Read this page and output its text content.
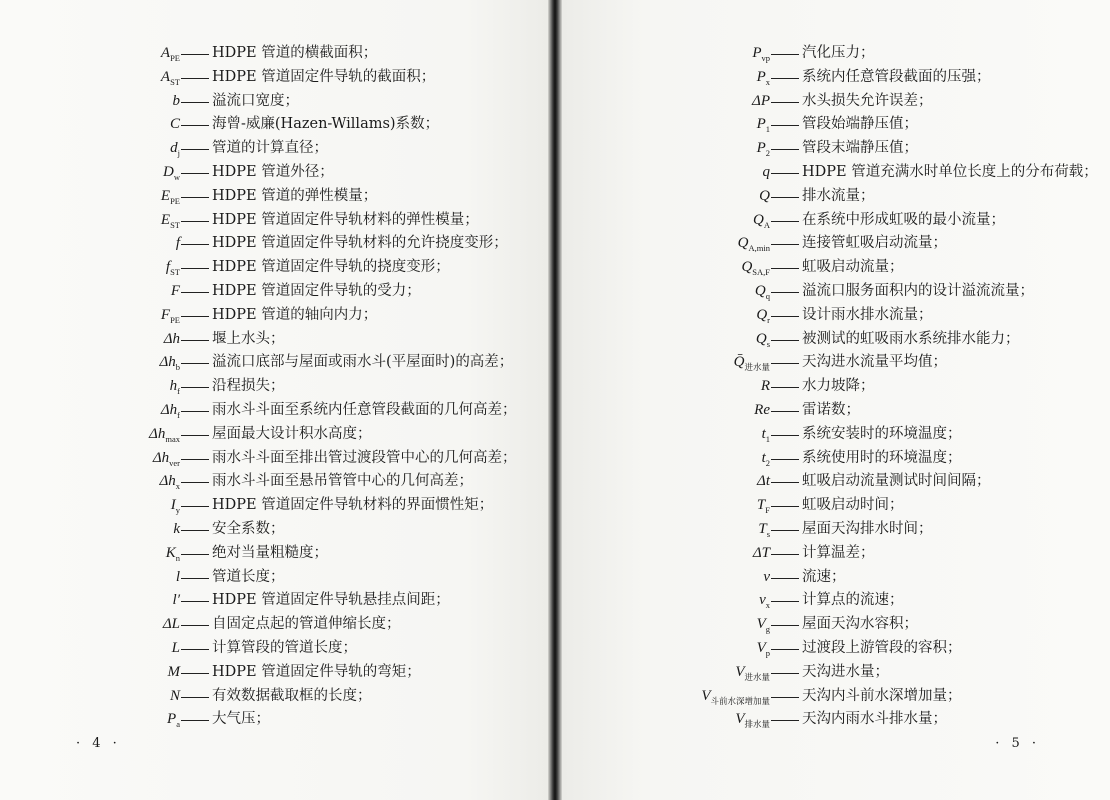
$A_{PE}$ HDPE 管道的横截面积；
$A_{ST}$ HDPE 管道固定件导轨的截面积；
b 溢流口宽度；
C 海曾-威廉(Hazen-Willams)系数；
$d_j$ 管道的计算直径；
$D_w$ HDPE 管道外径；
$E_{PE}$ HDPE 管道的弹性模量；
$E_{ST}$ HDPE 管道固定件导轨材料的弹性模量；
f HDPE 管道固定件导轨材料的允许挠度变形；
$f_{ST}$ HDPE 管道固定件导轨的挠度变形；
F HDPE 管道固定件导轨的受力；
$F_{PE}$ HDPE 管道的轴向内力；
Δh 堰上水头；
$\Delta h_b$ 溢流口底部与屋面或雨水斗(平屋面时)的高差；
$h_f$ 沿程损失；
$\Delta h_f$ 雨水斗斗面至系统内任意管段截面的几何高差；
$\Delta h_{max}$ 屋面最大设计积水高度；
$\Delta h_{ver}$ 雨水斗斗面至排出管过渡段管中心的几何高差；
$\Delta h_x$ 雨水斗斗面至悬吊管管中心的几何高差；
$I_y$ HDPE 管道固定件导轨材料的界面惯性矩；
k 安全系数；
$K_n$ 绝对当量粗糙度；
l 管道长度；
l′ HDPE 管道固定件导轨悬挂点间距；
ΔL 自固定点起的管道伸缩长度；
L 计算管段的管道长度；
M HDPE 管道固定件导轨的弯矩；
N 有效数据截取框的长度；
$P_a$ 大气压；
· 4 ·
$P_{vp}$ 汽化压力；
$P_x$ 系统内任意管段截面的压强；
ΔP 水头损失允许误差；
$P_1$ 管段始端静压值；
$P_2$ 管段末端静压值；
q HDPE 管道充满水时单位长度上的分布荷载；
Q 排水流量；
$Q_A$ 在系统中形成虹吸的最小流量；
$Q_{A,min}$ 连接管虹吸启动流量；
$Q_{SA,F}$ 虹吸启动流量；
$Q_q$ 溢流口服务面积内的设计溢流流量；
$Q_r$ 设计雨水排水流量；
$Q_s$ 被测试的虹吸雨水系统排水能力；
$Q̄_{进水量}$ 天沟进水流量平均值；
R 水力坡降；
Re 雷诺数；
$t_1$ 系统安装时的环境温度；
$t_2$ 系统使用时的环境温度；
Δt 虹吸启动流量测试时间间隔；
$T_F$ 虹吸启动时间；
$T_s$ 屋面天沟排水时间；
ΔT 计算温差；
v 流速；
$v_x$ 计算点的流速；
$V_g$ 屋面天沟水容积；
$V_p$ 过渡段上游管段的容积；
$V_{进水量}$ 天沟进水量；
$V_{斗前水深增加量}$ 天沟内斗前水深增加量；
$V_{排水量}$ 天沟内雨水斗排水量；
· 5 ·
